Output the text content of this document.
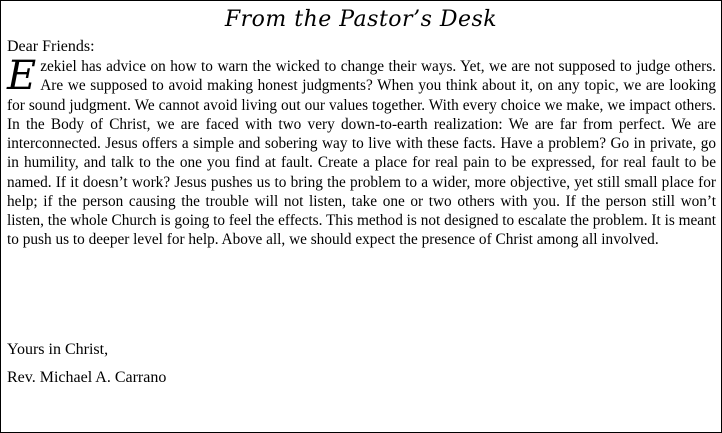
From the Pastor’s Desk
Dear Friends:

Ezekiel has advice on how to warn the wicked to change their ways. Yet, we are not supposed to judge others. Are we supposed to avoid making honest judgments? When you think about it, on any topic, we are looking for sound judgment. We cannot avoid living out our values together. With every choice we make, we impact others. In the Body of Christ, we are faced with two very down-to-earth realization: We are far from perfect. We are interconnected. Jesus offers a simple and sobering way to live with these facts. Have a problem? Go in private, go in humility, and talk to the one you find at fault. Create a place for real pain to be expressed, for real fault to be named. If it doesn’t work? Jesus pushes us to bring the problem to a wider, more objective, yet still small place for help; if the person causing the trouble will not listen, take one or two others with you. If the person still won’t listen, the whole Church is going to feel the effects. This method is not designed to escalate the problem. It is meant to push us to deeper level for help. Above all, we should expect the presence of Christ among all involved.

Yours in Christ,
Rev. Michael A. Carrano
